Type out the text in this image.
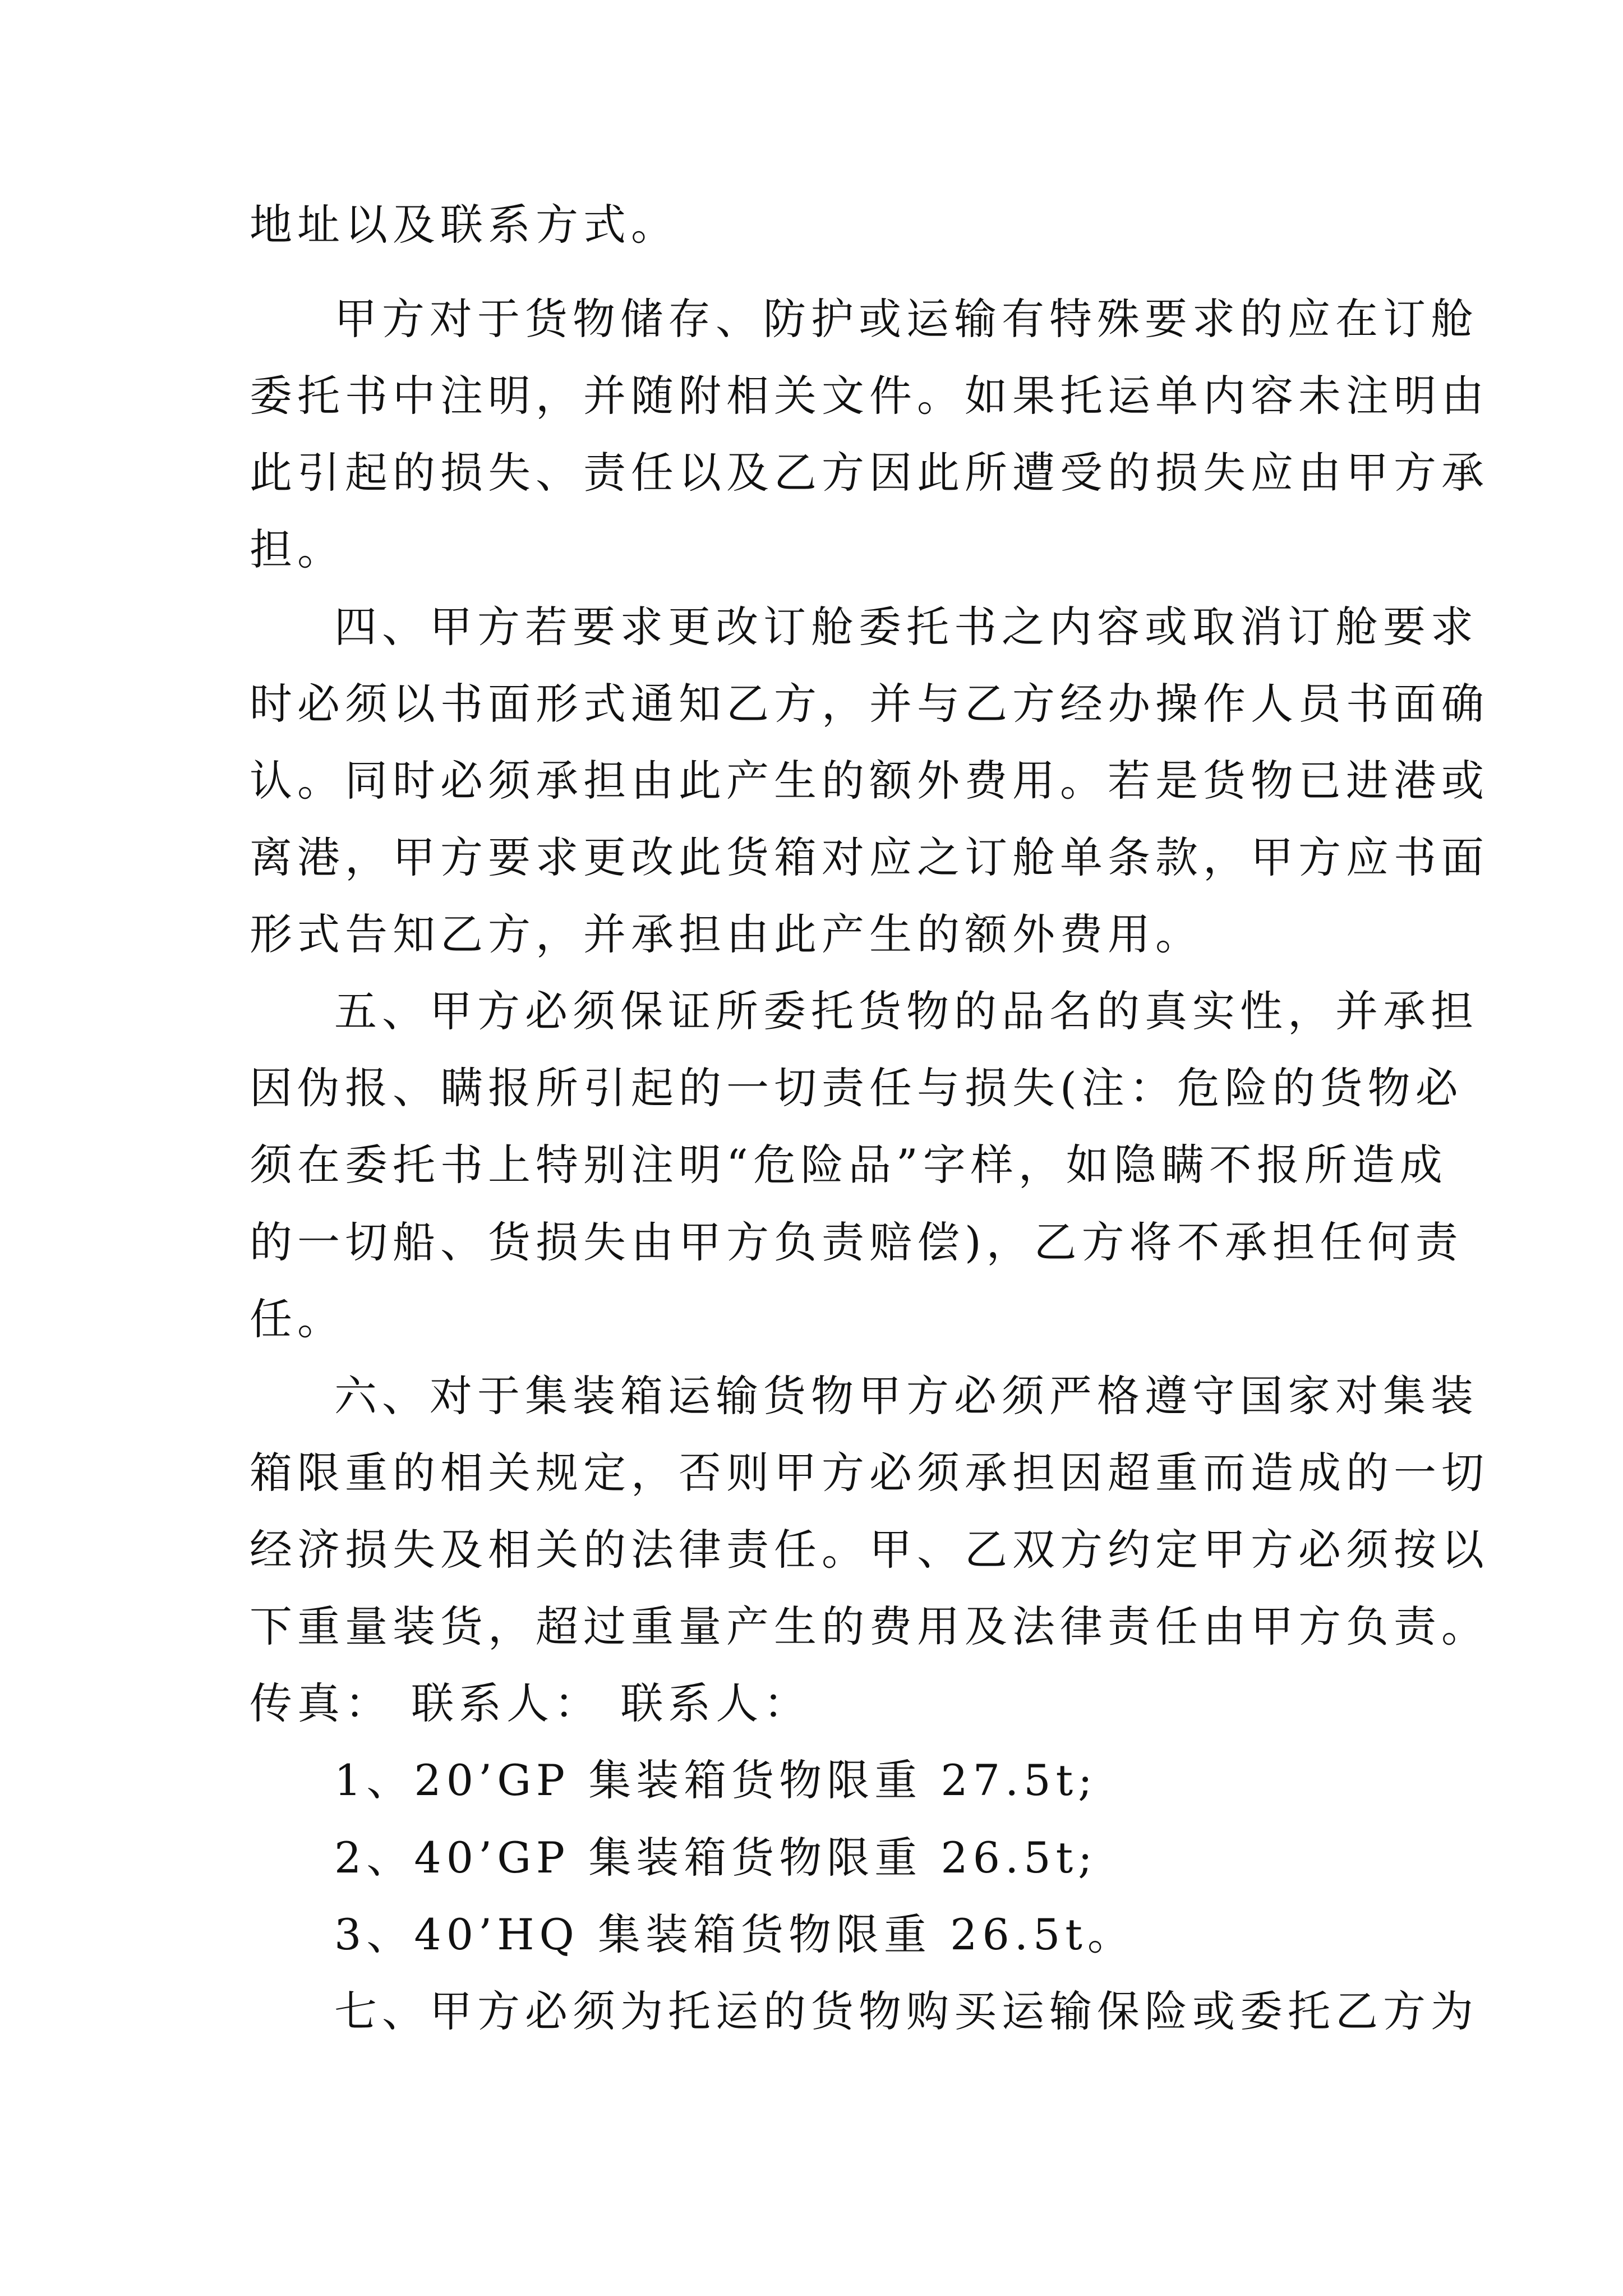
地址以及联系方式。
甲方对于货物储存、防护或运输有特殊要求的应在订舱
委托书中注明，并随附相关文件。如果托运单内容未注明由
此引起的损失、责任以及乙方因此所遭受的损失应由甲方承
担。
四、甲方若要求更改订舱委托书之内容或取消订舱要求
时必须以书面形式通知乙方，并与乙方经办操作人员书面确
认。同时必须承担由此产生的额外费用。若是货物已进港或
离港，甲方要求更改此货箱对应之订舱单条款，甲方应书面
形式告知乙方，并承担由此产生的额外费用。
五、甲方必须保证所委托货物的品名的真实性，并承担
因伪报、瞒报所引起的一切责任与损失(注：危险的货物必
须在委托书上特别注明“危险品”字样，如隐瞒不报所造成
的一切船、货损失由甲方负责赔偿)，乙方将不承担任何责
任。
六、对于集装箱运输货物甲方必须严格遵守国家对集装
箱限重的相关规定，否则甲方必须承担因超重而造成的一切
经济损失及相关的法律责任。甲、乙双方约定甲方必须按以
下重量装货，超过重量产生的费用及法律责任由甲方负责。
传真： 联系人： 联系人：
1、20’GP 集装箱货物限重 27.5t;
2、40’GP 集装箱货物限重 26.5t;
3、40’HQ 集装箱货物限重 26.5t。
七、甲方必须为托运的货物购买运输保险或委托乙方为
